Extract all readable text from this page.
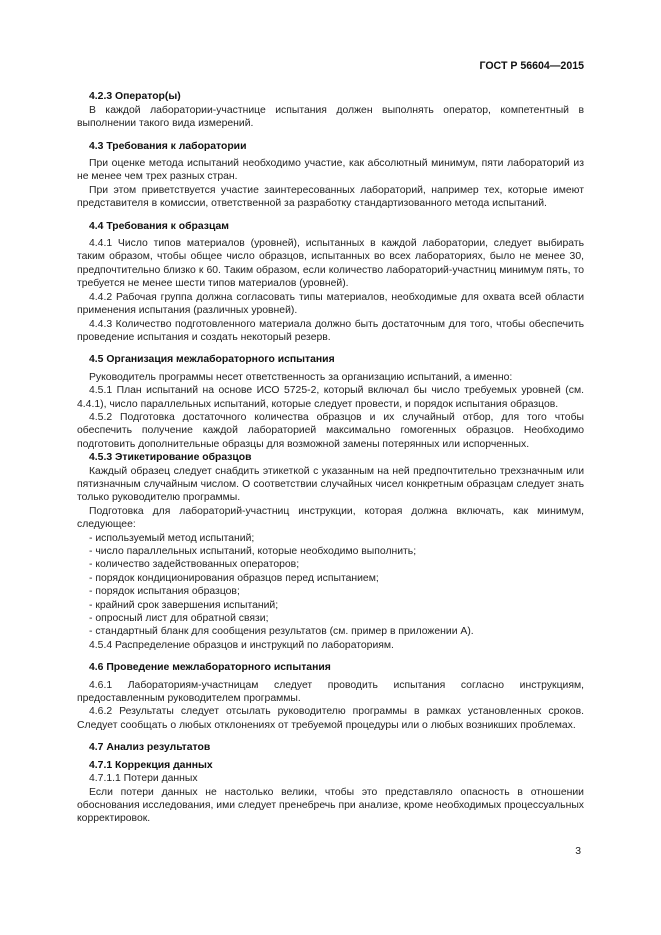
ГОСТ Р 56604—2015
4.2.3 Оператор(ы)
В каждой лаборатории-участнице испытания должен выполнять оператор, компетентный в выполнении такого вида измерений.
4.3 Требования к лаборатории
При оценке метода испытаний необходимо участие, как абсолютный минимум, пяти лабораторий из не менее чем трех разных стран.
При этом приветствуется участие заинтересованных лабораторий, например тех, которые имеют представителя в комиссии, ответственной за разработку стандартизованного метода испытаний.
4.4 Требования к образцам
4.4.1 Число типов материалов (уровней), испытанных в каждой лаборатории, следует выбирать таким образом, чтобы общее число образцов, испытанных во всех лабораториях, было не менее 30, предпочтительно близко к 60. Таким образом, если количество лабораторий-участниц минимум пять, то требуется не менее шести типов материалов (уровней).
4.4.2 Рабочая группа должна согласовать типы материалов, необходимые для охвата всей области применения испытания (различных уровней).
4.4.3 Количество подготовленного материала должно быть достаточным для того, чтобы обеспечить проведение испытания и создать некоторый резерв.
4.5 Организация межлабораторного испытания
Руководитель программы несет ответственность за организацию испытаний, а именно:
4.5.1 План испытаний на основе ИСО 5725-2, который включал бы число требуемых уровней (см. 4.4.1), число параллельных испытаний, которые следует провести, и порядок испытания образцов.
4.5.2 Подготовка достаточного количества образцов и их случайный отбор, для того чтобы обеспечить получение каждой лабораторией максимально гомогенных образцов. Необходимо подготовить дополнительные образцы для возможной замены потерянных или испорченных.
4.5.3 Этикетирование образцов
Каждый образец следует снабдить этикеткой с указанным на ней предпочтительно трехзначным или пятизначным случайным числом. О соответствии случайных чисел конкретным образцам следует знать только руководителю программы.
Подготовка для лабораторий-участниц инструкции, которая должна включать, как минимум, следующее:
- используемый метод испытаний;
- число параллельных испытаний, которые необходимо выполнить;
- количество задействованных операторов;
- порядок кондиционирования образцов перед испытанием;
- порядок испытания образцов;
- крайний срок завершения испытаний;
- опросный лист для обратной связи;
- стандартный бланк для сообщения результатов (см. пример в приложении А).
4.5.4 Распределение образцов и инструкций по лабораториям.
4.6 Проведение межлабораторного испытания
4.6.1 Лабораториям-участницам следует проводить испытания согласно инструкциям, предоставленным руководителем программы.
4.6.2 Результаты следует отсылать руководителю программы в рамках установленных сроков. Следует сообщать о любых отклонениях от требуемой процедуры или о любых возникших проблемах.
4.7 Анализ результатов
4.7.1 Коррекция данных
4.7.1.1 Потери данных
Если потери данных не настолько велики, чтобы это представляло опасность в отношении обоснования исследования, ими следует пренебречь при анализе, кроме необходимых процессуальных корректировок.
3
